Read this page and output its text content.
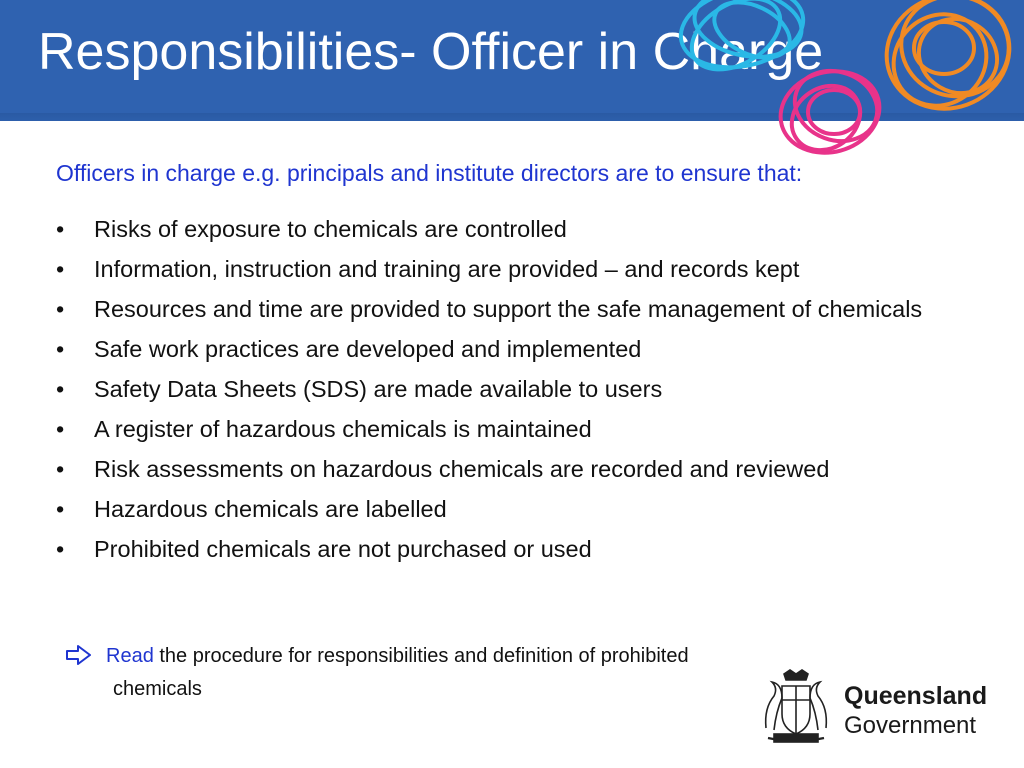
Responsibilities- Officer in Charge
Officers in charge e.g. principals and institute directors are to ensure that:
• Risks of exposure to chemicals are controlled
• Information, instruction and training are provided – and records kept
• Resources and time are provided to support the safe management of chemicals
• Safe work practices are developed and implemented
• Safety Data Sheets (SDS) are made available to users
• A register of hazardous chemicals is maintained
• Risk assessments on hazardous chemicals are recorded and reviewed
• Hazardous chemicals are labelled
• Prohibited chemicals are not purchased or used
Read the procedure for responsibilities and definition of prohibited
chemicals	Queensland
Government
